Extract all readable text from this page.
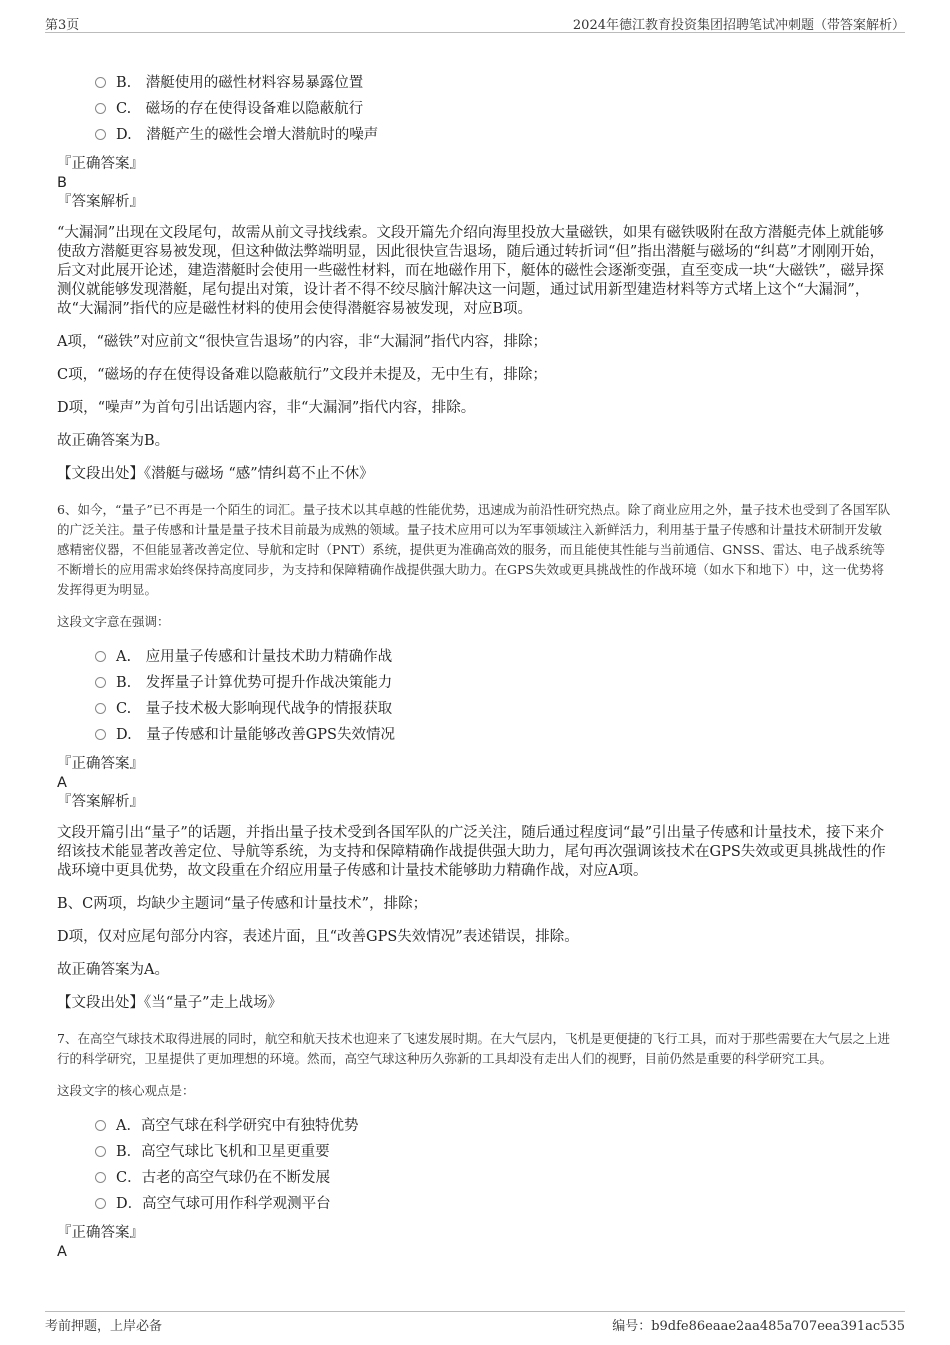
第3页	2024年德江教育投资集团招聘笔试冲刺题（带答案解析）
B.　潜艇使用的磁性材料容易暴露位置
C.　磁场的存在使得设备难以隐蔽航行
D.　潜艇产生的磁性会增大潜航时的噪声
『正确答案』
B
『答案解析』

“大漏洞”出现在文段尾句，故需从前文寻找线索。文段开篇先介绍向海里投放大量磁铁，如果有磁铁吸附在敌方潜艇壳体上就能够使敌方潜艇更容易被发现，但这种做法弊端明显，因此很快宣告退场，随后通过转折词“但”指出潜艇与磁场的“纠葛”才刚刚开始，后文对此展开论述，建造潜艇时会使用一些磁性材料，而在地磁作用下，艇体的磁性会逐渐变强，直至变成一块“大磁铁”，磁异探测仪就能够发现潜艇，尾句提出对策，设计者不得不绞尽脑汁解决这一问题，通过试用新型建造材料等方式堵上这个“大漏洞”，故“大漏洞”指代的应是磁性材料的使用会使得潜艇容易被发现，对应B项。

A项，“磁铁”对应前文“很快宣告退场”的内容，非“大漏洞”指代内容，排除；

C项，“磁场的存在使得设备难以隐蔽航行”文段并未提及，无中生有，排除；

D项，“噪声”为首句引出话题内容，非“大漏洞”指代内容，排除。

故正确答案为B。

【文段出处】《潜艇与磁场 “感”情纠葛不止不休》

6、如今，“量子”已不再是一个陌生的词汇。量子技术以其卓越的性能优势，迅速成为前沿性研究热点。除了商业应用之外，量子技术也受到了各国军队的广泛关注。量子传感和计量是量子技术目前最为成熟的领域。量子技术应用可以为军事领域注入新鲜活力，利用基于量子传感和计量技术研制开发敏感精密仪器，不但能显著改善定位、导航和定时（PNT）系统，提供更为准确高效的服务，而且能使其性能与当前通信、GNSS、雷达、电子战系统等不断增长的应用需求始终保持高度同步，为支持和保障精确作战提供强大助力。在GPS失效或更具挑战性的作战环境（如水下和地下）中，这一优势将发挥得更为明显。

这段文字意在强调：

A.　应用量子传感和计量技术助力精确作战
B.　发挥量子计算优势可提升作战决策能力
C.　量子技术极大影响现代战争的情报获取
D.　量子传感和计量能够改善GPS失效情况
『正确答案』
A
『答案解析』

文段开篇引出“量子”的话题，并指出量子技术受到各国军队的广泛关注，随后通过程度词“最”引出量子传感和计量技术，接下来介绍该技术能显著改善定位、导航等系统，为支持和保障精确作战提供强大助力，尾句再次强调该技术在GPS失效或更具挑战性的作战环境中更具优势，故文段重在介绍应用量子传感和计量技术能够助力精确作战，对应A项。

B、C两项，均缺少主题词“量子传感和计量技术”，排除；

D项，仅对应尾句部分内容，表述片面，且“改善GPS失效情况”表述错误，排除。

故正确答案为A。

【文段出处】《当“量子”走上战场》

7、在高空气球技术取得进展的同时，航空和航天技术也迎来了飞速发展时期。在大气层内，飞机是更便捷的飞行工具，而对于那些需要在大气层之上进行的科学研究，卫星提供了更加理想的环境。然而，高空气球这种历久弥新的工具却没有走出人们的视野，目前仍然是重要的科学研究工具。

这段文字的核心观点是：

A．高空气球在科学研究中有独特优势
B．高空气球比飞机和卫星更重要
C．古老的高空气球仍在不断发展
D．高空气球可用作科学观测平台
『正确答案』
A
考前押题，上岸必备	编号：b9dfe86eaae2aa485a707eea391ac535
